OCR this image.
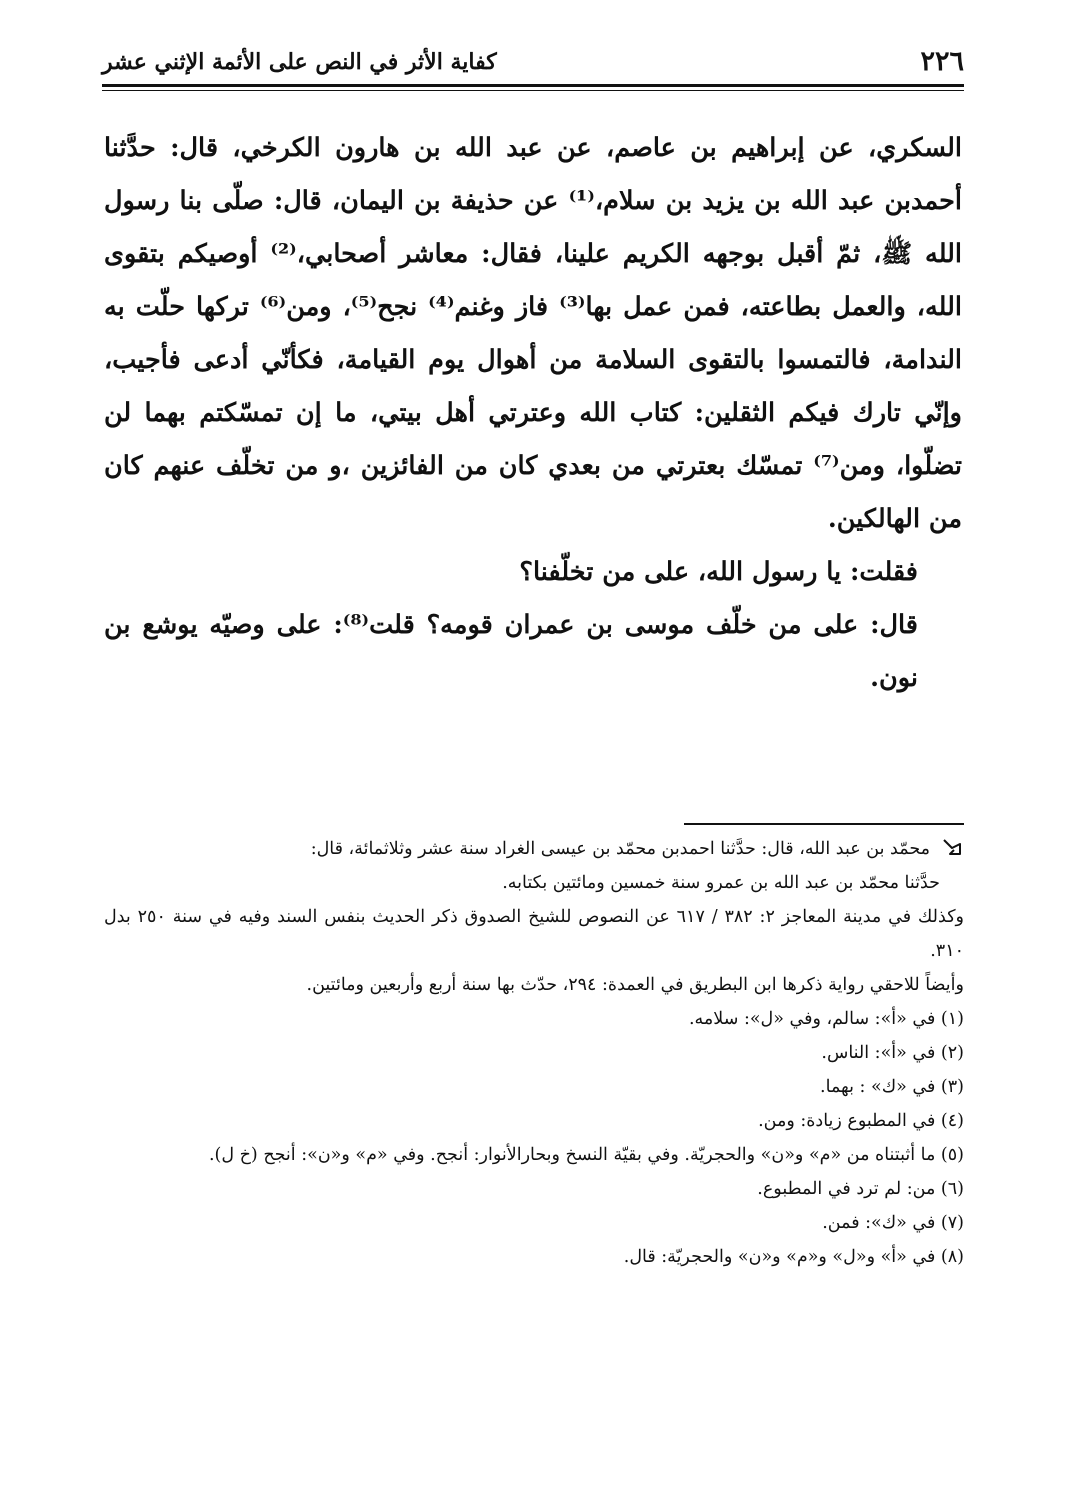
٢٢٦
كفاية الأثر في النص على الأئمة الإثني عشر

السكري، عن إبراهيم بن عاصم، عن عبد الله بن هارون الكرخي، قال: حدَّثنا أحمدبن عبد الله بن يزيد بن سلام،⁽¹⁾ عن حذيفة بن اليمان، قال: صلّى بنا رسول الله ﷺ، ثمّ أقبل بوجهه الكريم علينا، فقال: معاشر أصحابي،⁽²⁾ أوصيكم بتقوى الله، والعمل بطاعته، فمن عمل بها⁽³⁾ فاز وغنم⁽⁴⁾ نجح⁽⁵⁾، ومن⁽⁶⁾ تركها حلّت به الندامة، فالتمسوا بالتقوى السلامة من أهوال يوم القيامة، فكأنّي أدعى فأجيب، وإنّي تارك فيكم الثقلين: كتاب الله وعترتي أهل بيتي، ما إن تمسّكتم بهما لن تضلّوا، ومن⁽⁷⁾ تمسّك بعترتي من بعدي كان من الفائزين ،و من تخلّف عنهم كان من الهالكين.

فقلت: يا رسول الله، على من تخلّفنا؟

قال: على من خلّف موسى بن عمران قومه؟ قلت⁽⁸⁾: على وصيّه يوشع بن نون.

محمّد بن عبد الله، قال: حدَّثنا احمدبن محمّد بن عيسى الغراد سنة عشر وثلاثمائة، قال:

حدَّثنا محمّد بن عبد الله بن عمرو سنة خمسين ومائتين بكتابه.

وكذلك في مدينة المعاجز ٢: ٣٨٢ / ٦١٧ عن النصوص للشيخ الصدوق ذكر الحديث بنفس السند وفيه في سنة ٢٥٠ بدل ٣١٠.

وأيضاً للاحقي رواية ذكرها ابن البطريق في العمدة: ٢٩٤، حدّث بها سنة أربع وأربعين ومائتين.

(١) في «أ»: سالم، وفي «ل»: سلامه.

(٢) في «أ»: الناس.

(٣) في «ك» : بهما.

(٤) في المطبوع زيادة: ومن.

(٥) ما أثبتناه من «م» و«ن» والحجريّة. وفي بقيّة النسخ وبحارالأنوار: أنجح. وفي «م» و«ن»: أنجح (خ ل).

(٦) من: لم ترد في المطبوع.

(٧) في «ك»: فمن.

(٨) في «أ» و«ل» و«م» و«ن» والحجريّة: قال.
